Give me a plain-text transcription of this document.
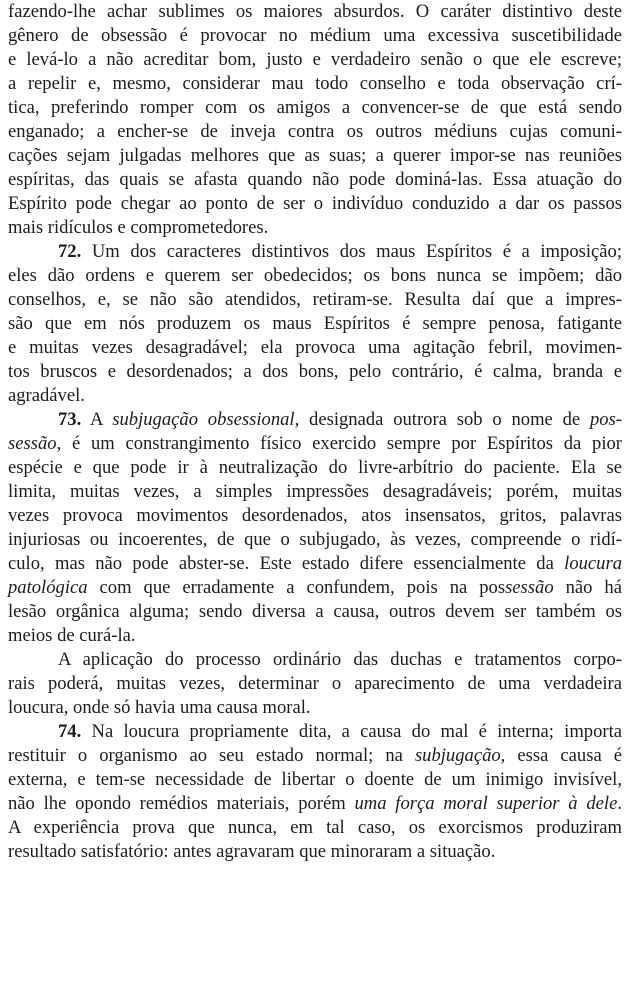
fazendo-lhe achar sublimes os maiores absurdos. O caráter distintivo deste
gênero de obsessão é provocar no médium uma excessiva suscetibilidade
e levá-lo a não acreditar bom, justo e verdadeiro senão o que ele escreve;
a repelir e, mesmo, considerar mau todo conselho e toda observação crí-
tica, preferindo romper com os amigos a convencer-se de que está sendo
enganado; a encher-se de inveja contra os outros médiuns cujas comuni-
cações sejam julgadas melhores que as suas; a querer impor-se nas reuniões
espíritas, das quais se afasta quando não pode dominá-las. Essa atuação do
Espírito pode chegar ao ponto de ser o indivíduo conduzido a dar os passos
mais ridículos e comprometedores.
72. Um dos caracteres distintivos dos maus Espíritos é a imposição;
eles dão ordens e querem ser obedecidos; os bons nunca se impõem; dão
conselhos, e, se não são atendidos, retiram-se. Resulta daí que a impres-
são que em nós produzem os maus Espíritos é sempre penosa, fatigante
e muitas vezes desagradável; ela provoca uma agitação febril, movimen-
tos bruscos e desordenados; a dos bons, pelo contrário, é calma, branda e
agradável.
73. A subjugação obsessional, designada outrora sob o nome de pos-
sessão, é um constrangimento físico exercido sempre por Espíritos da pior
espécie e que pode ir à neutralização do livre-arbítrio do paciente. Ela se
limita, muitas vezes, a simples impressões desagradáveis; porém, muitas
vezes provoca movimentos desordenados, atos insensatos, gritos, palavras
injuriosas ou incoerentes, de que o subjugado, às vezes, compreende o ridí-
culo, mas não pode abster-se. Este estado difere essencialmente da loucura
patológica com que erradamente a confundem, pois na possessão não há
lesão orgânica alguma; sendo diversa a causa, outros devem ser também os
meios de curá-la.
A aplicação do processo ordinário das duchas e tratamentos corpo-
rais poderá, muitas vezes, determinar o aparecimento de uma verdadeira
loucura, onde só havia uma causa moral.
74. Na loucura propriamente dita, a causa do mal é interna; importa
restituir o organismo ao seu estado normal; na subjugação, essa causa é
externa, e tem-se necessidade de libertar o doente de um inimigo invisível,
não lhe opondo remédios materiais, porém uma força moral superior à dele.
A experiência prova que nunca, em tal caso, os exorcismos produziram
resultado satisfatório: antes agravaram que minoraram a situação.
